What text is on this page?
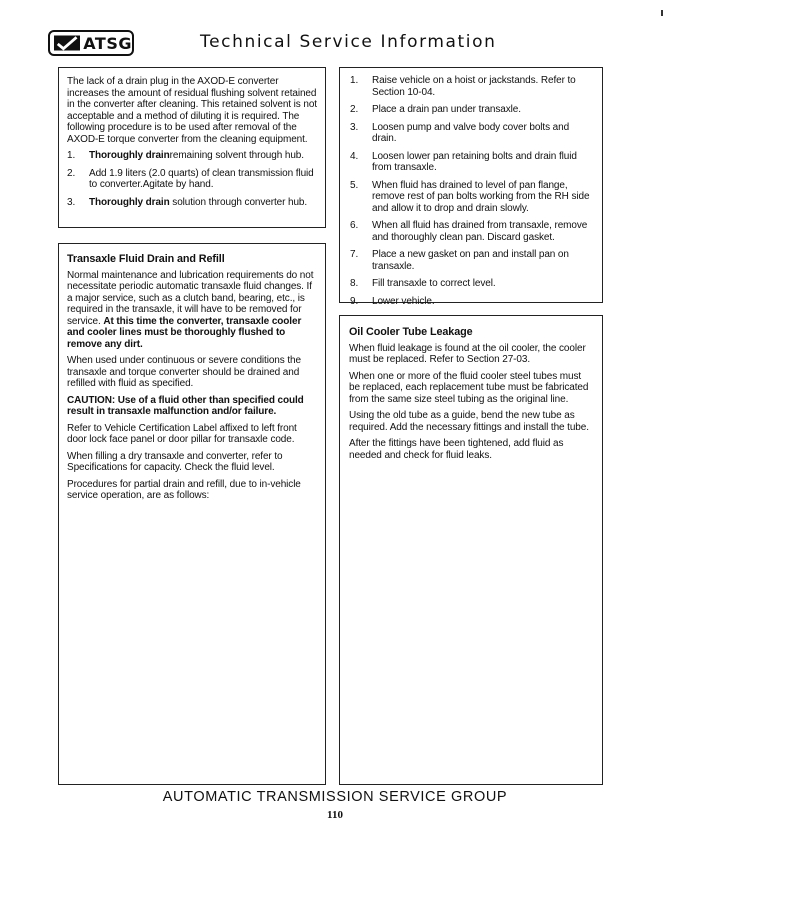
ATSG	Technical Service Information

The lack of a drain plug in the AXOD-E converter increases the amount of residual flushing solvent retained in the converter after cleaning. This retained solvent is not acceptable and a method of diluting it is required. The following procedure is to be used after removal of the AXOD-E torque converter from the cleaning equipment.

1.	Thoroughly drainremaining solvent through hub.
2.	Add 1.9 liters (2.0 quarts) of clean transmission fluid to converter.Agitate by hand.
3.	Thoroughly drain solution through converter hub.

Transaxle Fluid Drain and Refill

Normal maintenance and lubrication requirements do not necessitate periodic automatic transaxle fluid changes. If a major service, such as a clutch band, bearing, etc., is required in the transaxle, it will have to be removed for service. At this time the converter, transaxle cooler and cooler lines must be thoroughly flushed to remove any dirt.

When used under continuous or severe conditions the transaxle and torque converter should be drained and refilled with fluid as specified.

CAUTION: Use of a fluid other than specified could result in transaxle malfunction and/or failure.

Refer to Vehicle Certification Label affixed to left front door lock face panel or door pillar for transaxle code.

When filling a dry transaxle and converter, refer to Specifications for capacity. Check the fluid level.

Procedures for partial drain and refill, due to in-vehicle service operation, are as follows:

1.	Raise vehicle on a hoist or jackstands. Refer to Section 10-04.
2.	Place a drain pan under transaxle.
3.	Loosen pump and valve body cover bolts and drain.
4.	Loosen lower pan retaining bolts and drain fluid from transaxle.
5.	When fluid has drained to level of pan flange, remove rest of pan bolts working from the RH side and allow it to drop and drain slowly.
6.	When all fluid has drained from transaxle, remove and thoroughly clean pan. Discard gasket.
7.	Place a new gasket on pan and install pan on transaxle.
8.	Fill transaxle to correct level.
9.	Lower vehicle.

Oil Cooler Tube Leakage

When fluid leakage is found at the oil cooler, the cooler must be replaced. Refer to Section 27-03.

When one or more of the fluid cooler steel tubes must be replaced, each replacement tube must be fabricated from the same size steel tubing as the original line.

Using the old tube as a guide, bend the new tube as required. Add the necessary fittings and install the tube.

After the fittings have been tightened, add fluid as needed and check for fluid leaks.

AUTOMATIC TRANSMISSION SERVICE GROUP
110
